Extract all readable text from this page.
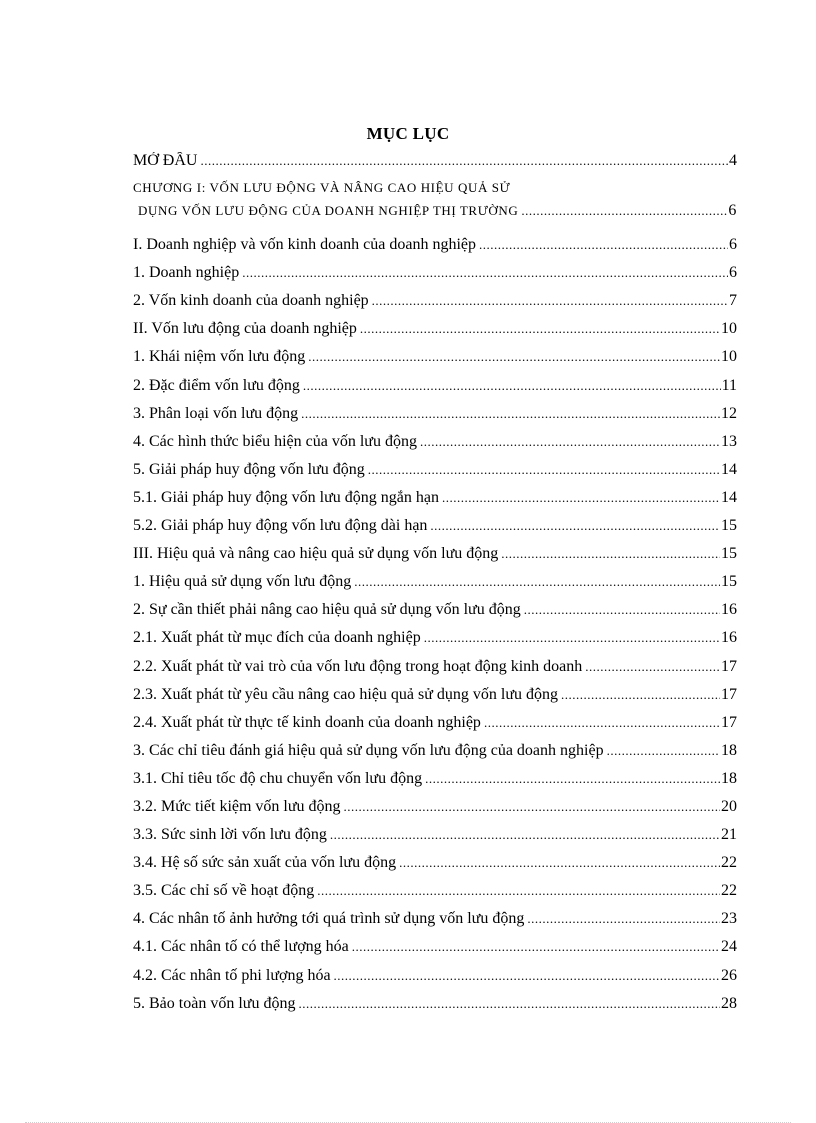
MỤC LỤC
MỞ ĐẦU .....	4
CHƯƠNG I: VỐN LƯU ĐỘNG VÀ NÂNG CAO HIỆU QUẢ SỬ
DỤNG VỐN LƯU ĐỘNG CỦA DOANH NGHIỆP THỊ TRƯỜNG .....	6
I. Doanh nghiệp và vốn kinh doanh của doanh nghiệp .....	6
1. Doanh nghiệp .....	6
2. Vốn kinh doanh của doanh nghiệp .....	7
II. Vốn lưu động của doanh nghiệp .....	10
1. Khái niệm vốn lưu động .....	10
2. Đặc điểm vốn lưu động .....	11
3. Phân loại vốn lưu động .....	12
4. Các hình thức biểu hiện của vốn lưu động .....	13
5. Giải pháp huy động vốn lưu động .....	14
5.1. Giải pháp huy động vốn lưu động ngắn hạn .....	14
5.2. Giải pháp huy động vốn lưu động dài hạn .....	15
III. Hiệu quả và nâng cao hiệu quả sử dụng vốn lưu động .....	15
1. Hiệu quả sử dụng vốn lưu động .....	15
2. Sự cần thiết phải nâng cao hiệu quả sử dụng vốn lưu động .....	16
2.1. Xuất phát từ mục đích của doanh nghiệp .....	16
2.2. Xuất phát từ vai trò của vốn lưu động trong hoạt động kinh doanh .....	17
2.3. Xuất phát từ yêu cầu nâng cao hiệu quả sử dụng vốn lưu động .....	17
2.4. Xuất phát từ thực tế kinh doanh của doanh nghiệp .....	17
3. Các chỉ tiêu đánh giá hiệu quả sử dụng vốn lưu động của doanh nghiệp .....	18
3.1. Chỉ tiêu tốc độ chu chuyển vốn lưu động .....	18
3.2. Mức tiết kiệm vốn lưu động .....	20
3.3. Sức sinh lời vốn lưu động .....	21
3.4. Hệ số sức sản xuất của vốn lưu động .....	22
3.5. Các chỉ số về hoạt động .....	22
4. Các nhân tố ảnh hưởng tới quá trình sử dụng vốn lưu động .....	23
4.1. Các nhân tố có thể lượng hóa .....	24
4.2. Các nhân tố phi lượng hóa .....	26
5. Bảo toàn vốn lưu động .....	28
